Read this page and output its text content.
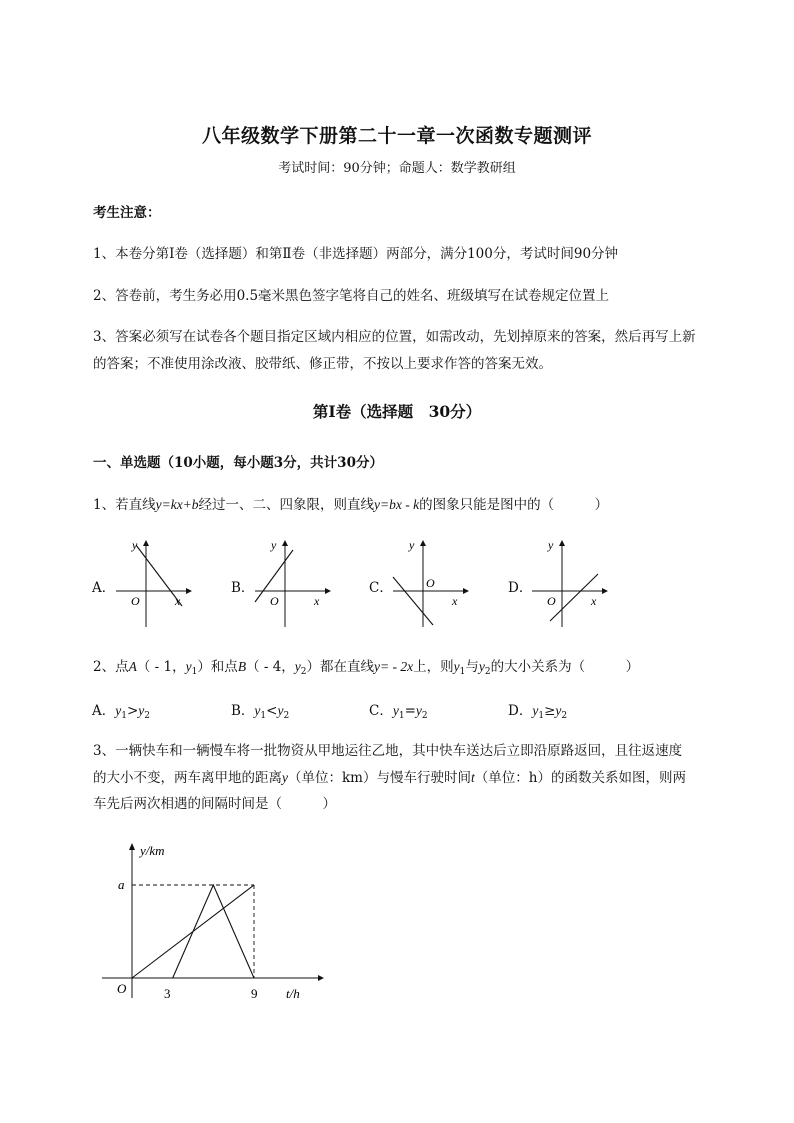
八年级数学下册第二十一章一次函数专题测评
考试时间：90分钟；命题人：数学教研组
考生注意：
1、本卷分第I卷（选择题）和第Ⅱ卷（非选择题）两部分，满分100分，考试时间90分钟
2、答卷前，考生务必用0.5毫米黑色签字笔将自己的姓名、班级填写在试卷规定位置上
3、答案必须写在试卷各个题目指定区域内相应的位置，如需改动，先划掉原来的答案，然后再写上新
的答案；不准使用涂改液、胶带纸、修正带，不按以上要求作答的答案无效。
第I卷（选择题　30分）
一、单选题（10小题，每小题3分，共计30分）
1、若直线y=kx+b经过一、二、四象限，则直线y=bx - k的图象只能是图中的（　　　）
A．	B．	C．	D．
y
x
O
y
x
O
y
x
O
y
x
O
2、点A（ - 1，$y_1$）和点B（ - 4，$y_2$）都在直线y= - 2x上，则$y_1$与$y_2$的大小关系为（　　　）
A．$y_1>y_2$	B．$y_1<y_2$	C．$y_1=y_2$	D．$y_1\ge y_2$
3、一辆快车和一辆慢车将一批物资从甲地运往乙地，其中快车送达后立即沿原路返回，且往返速度
的大小不变，两车离甲地的距离y（单位：km）与慢车行驶时间t（单位：h）的函数关系如图，则两
车先后两次相遇的间隔时间是（　　　）
y/km
t/h
O
a
3	9
